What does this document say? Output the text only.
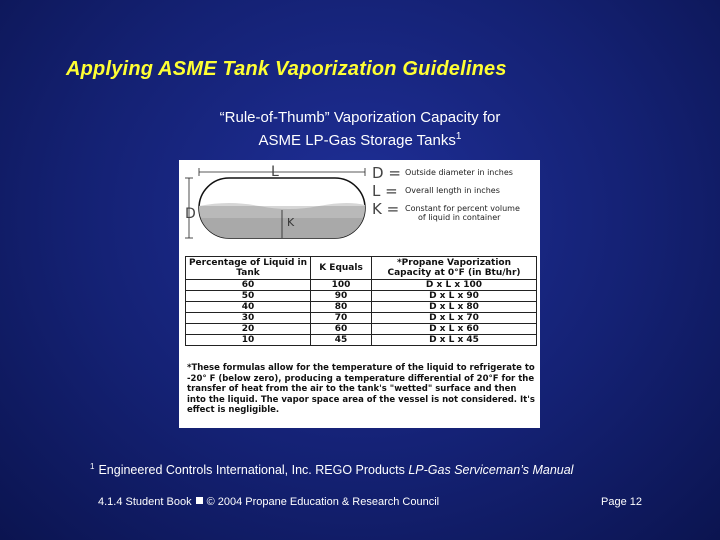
Applying ASME Tank Vaporization Guidelines
“Rule-of-Thumb” Vaporization Capacity for
ASME LP-Gas Storage Tanks$^1$
L
D
K
D = Outside diameter in inches
L = Overall length in inches
K = Constant for percent volume
of liquid in container
Percentage of Liquid in Tank	K Equals	*Propane Vaporization Capacity at 0°F (in Btu/hr)
60	100	D x L x 100
50	90	D x L x 90
40	80	D x L x 80
30	70	D x L x 70
20	60	D x L x 60
10	45	D x L x 45
*These formulas allow for the temperature of the liquid to refrigerate to -20° F (below zero), producing a temperature differential of 20°F for the transfer of heat from the air to the tank's "wetted" surface and then into the liquid. The vapor space area of the vessel is not considered. It's effect is negligible.
$^1$ Engineered Controls International, Inc. REGO Products LP-Gas Serviceman’s Manual
4.1.4 Student Book © 2004 Propane Education & Research Council	Page 12
